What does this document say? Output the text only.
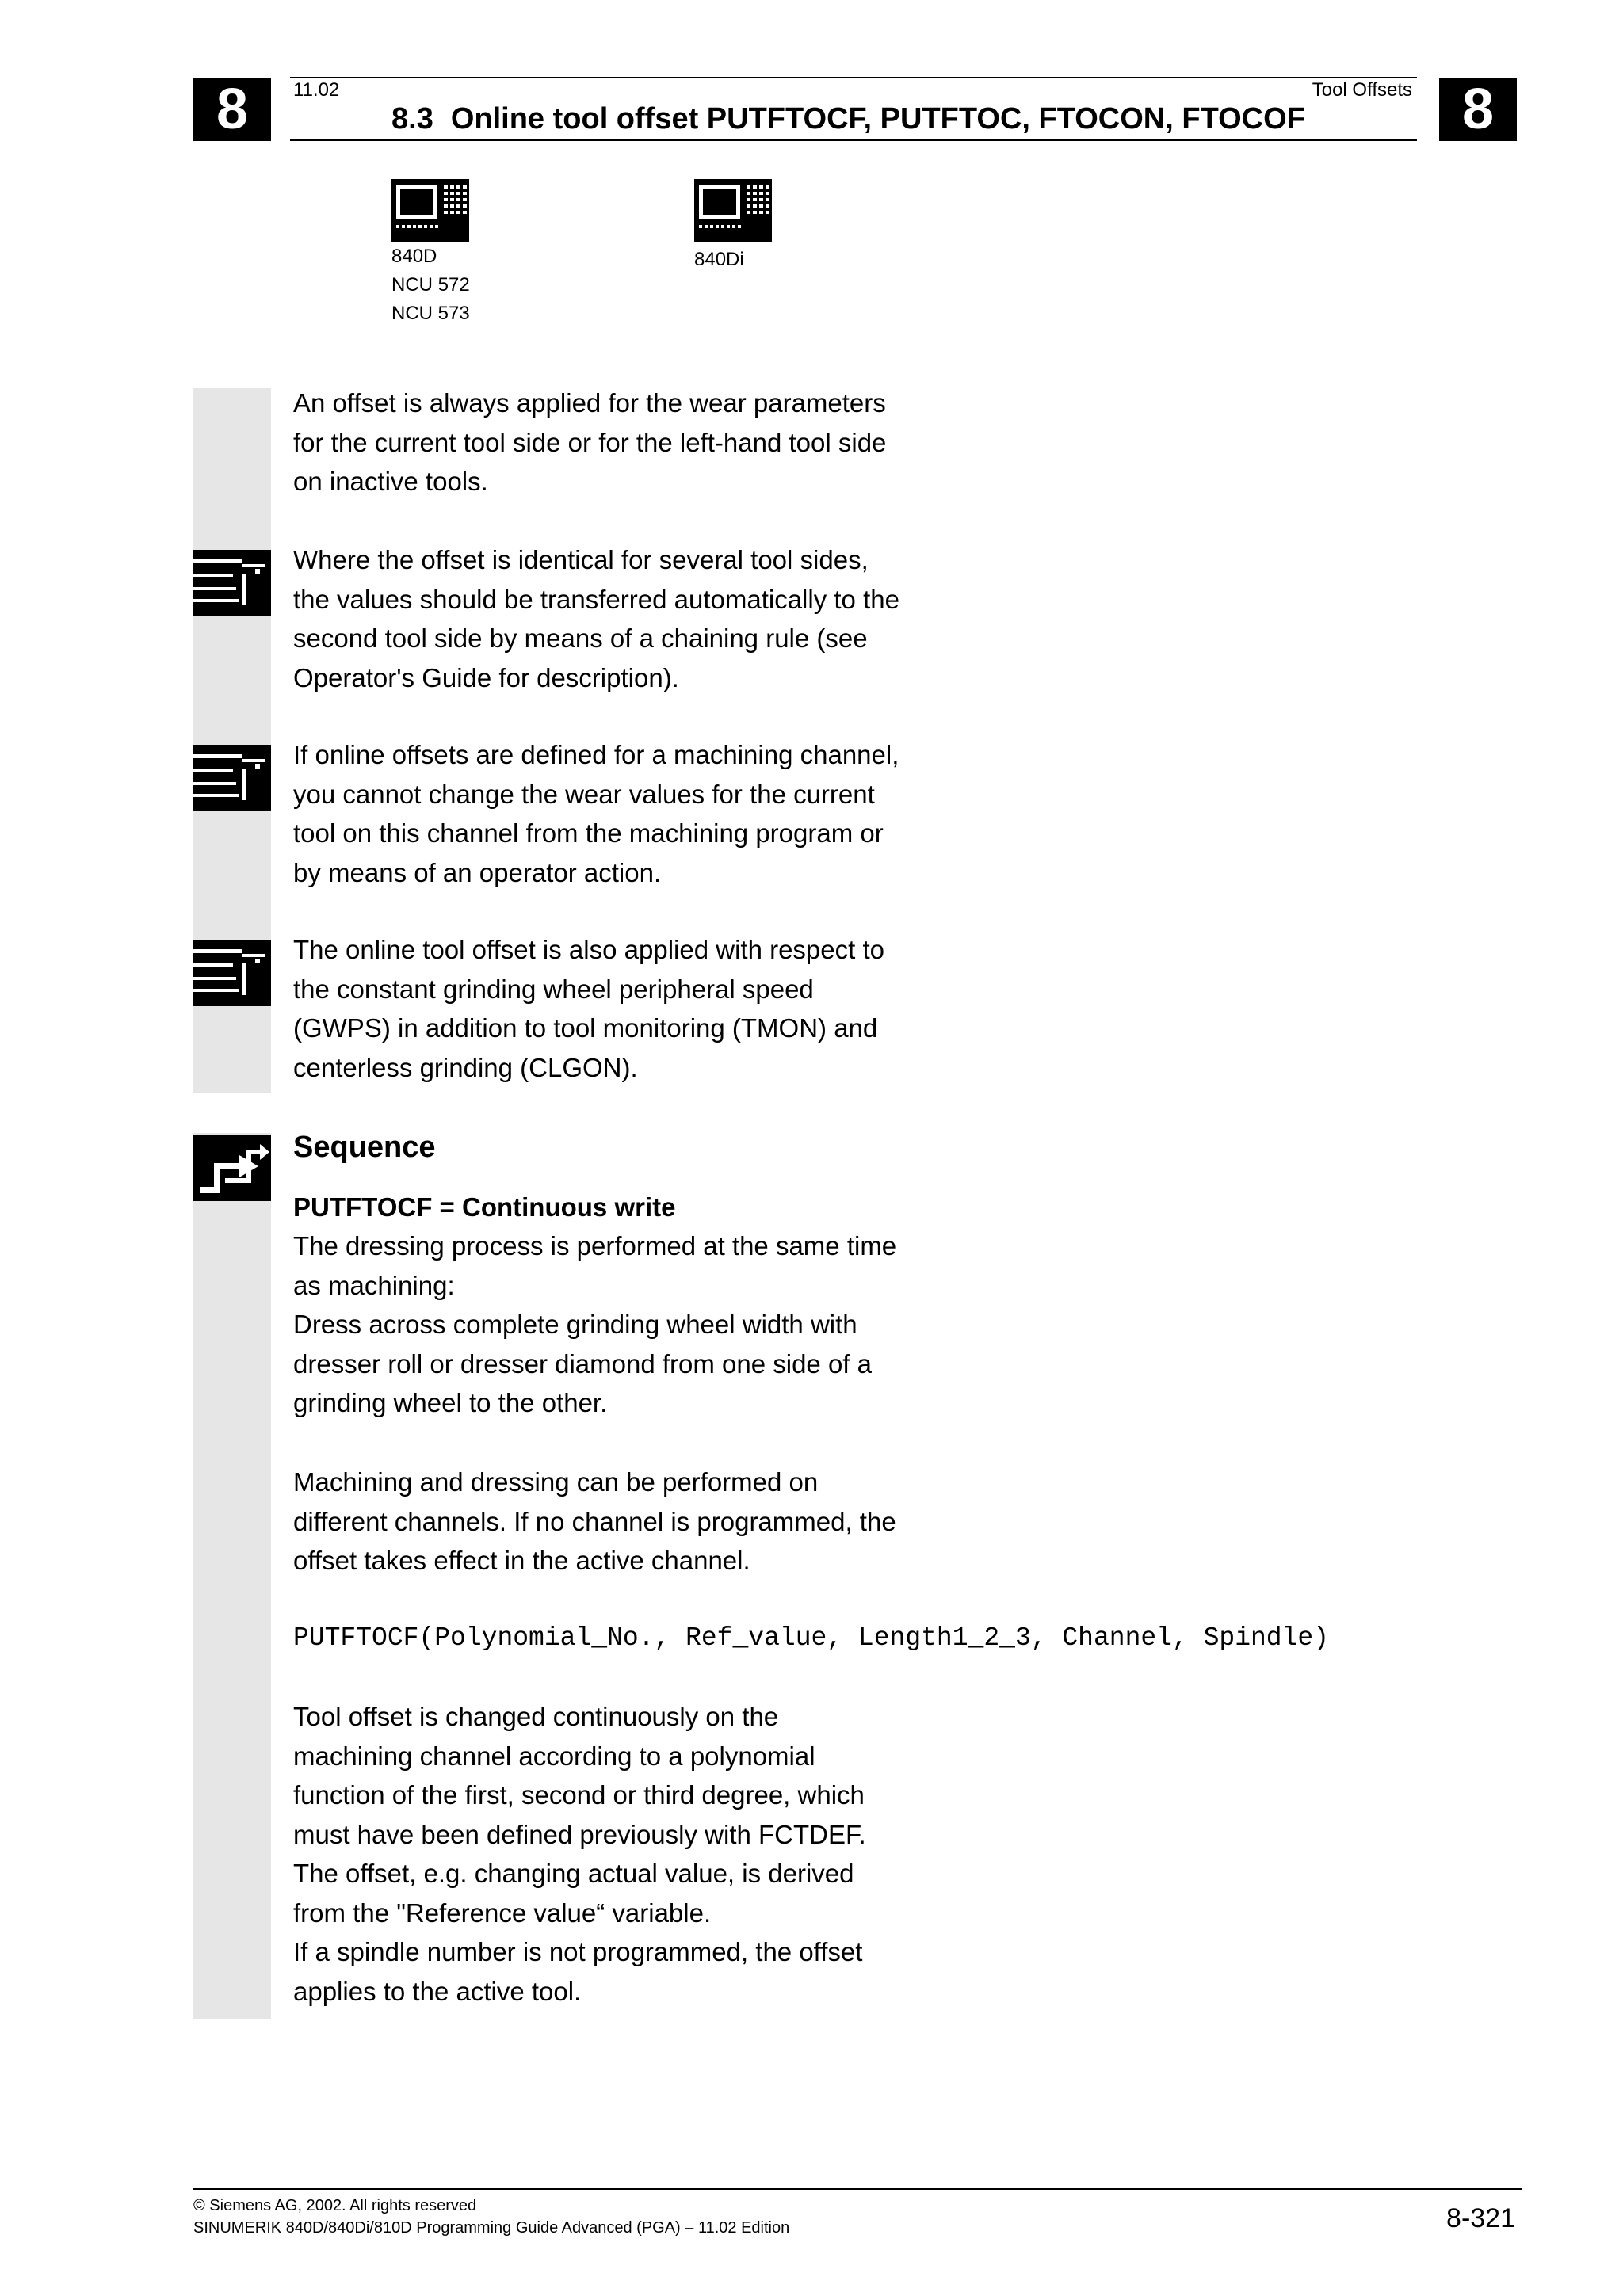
8	8
11.02	Tool Offsets
8.3 Online tool offset PUTFTOCF, PUTFTOC, FTOCON, FTOCOF
840D
NCU 572
NCU 573
840Di

An offset is always applied for the wear parameters
for the current tool side or for the left-hand tool side
on inactive tools.

Where the offset is identical for several tool sides,
the values should be transferred automatically to the
second tool side by means of a chaining rule (see
Operator's Guide for description).

If online offsets are defined for a machining channel,
you cannot change the wear values for the current
tool on this channel from the machining program or
by means of an operator action.

The online tool offset is also applied with respect to
the constant grinding wheel peripheral speed
(GWPS) in addition to tool monitoring (TMON) and
centerless grinding (CLGON).

Sequence
PUTFTOCF = Continuous write

The dressing process is performed at the same time
as machining:
Dress across complete grinding wheel width with
dresser roll or dresser diamond from one side of a
grinding wheel to the other.

Machining and dressing can be performed on
different channels. If no channel is programmed, the
offset takes effect in the active channel.

PUTFTOCF(Polynomial_No., Ref_value, Length1_2_3, Channel, Spindle)

Tool offset is changed continuously on the
machining channel according to a polynomial
function of the first, second or third degree, which
must have been defined previously with FCTDEF.
The offset, e.g. changing actual value, is derived
from the "Reference value“ variable.
If a spindle number is not programmed, the offset
applies to the active tool.

© Siemens AG, 2002. All rights reserved
SINUMERIK 840D/840Di/810D Programming Guide Advanced (PGA) – 11.02 Edition	8-321
